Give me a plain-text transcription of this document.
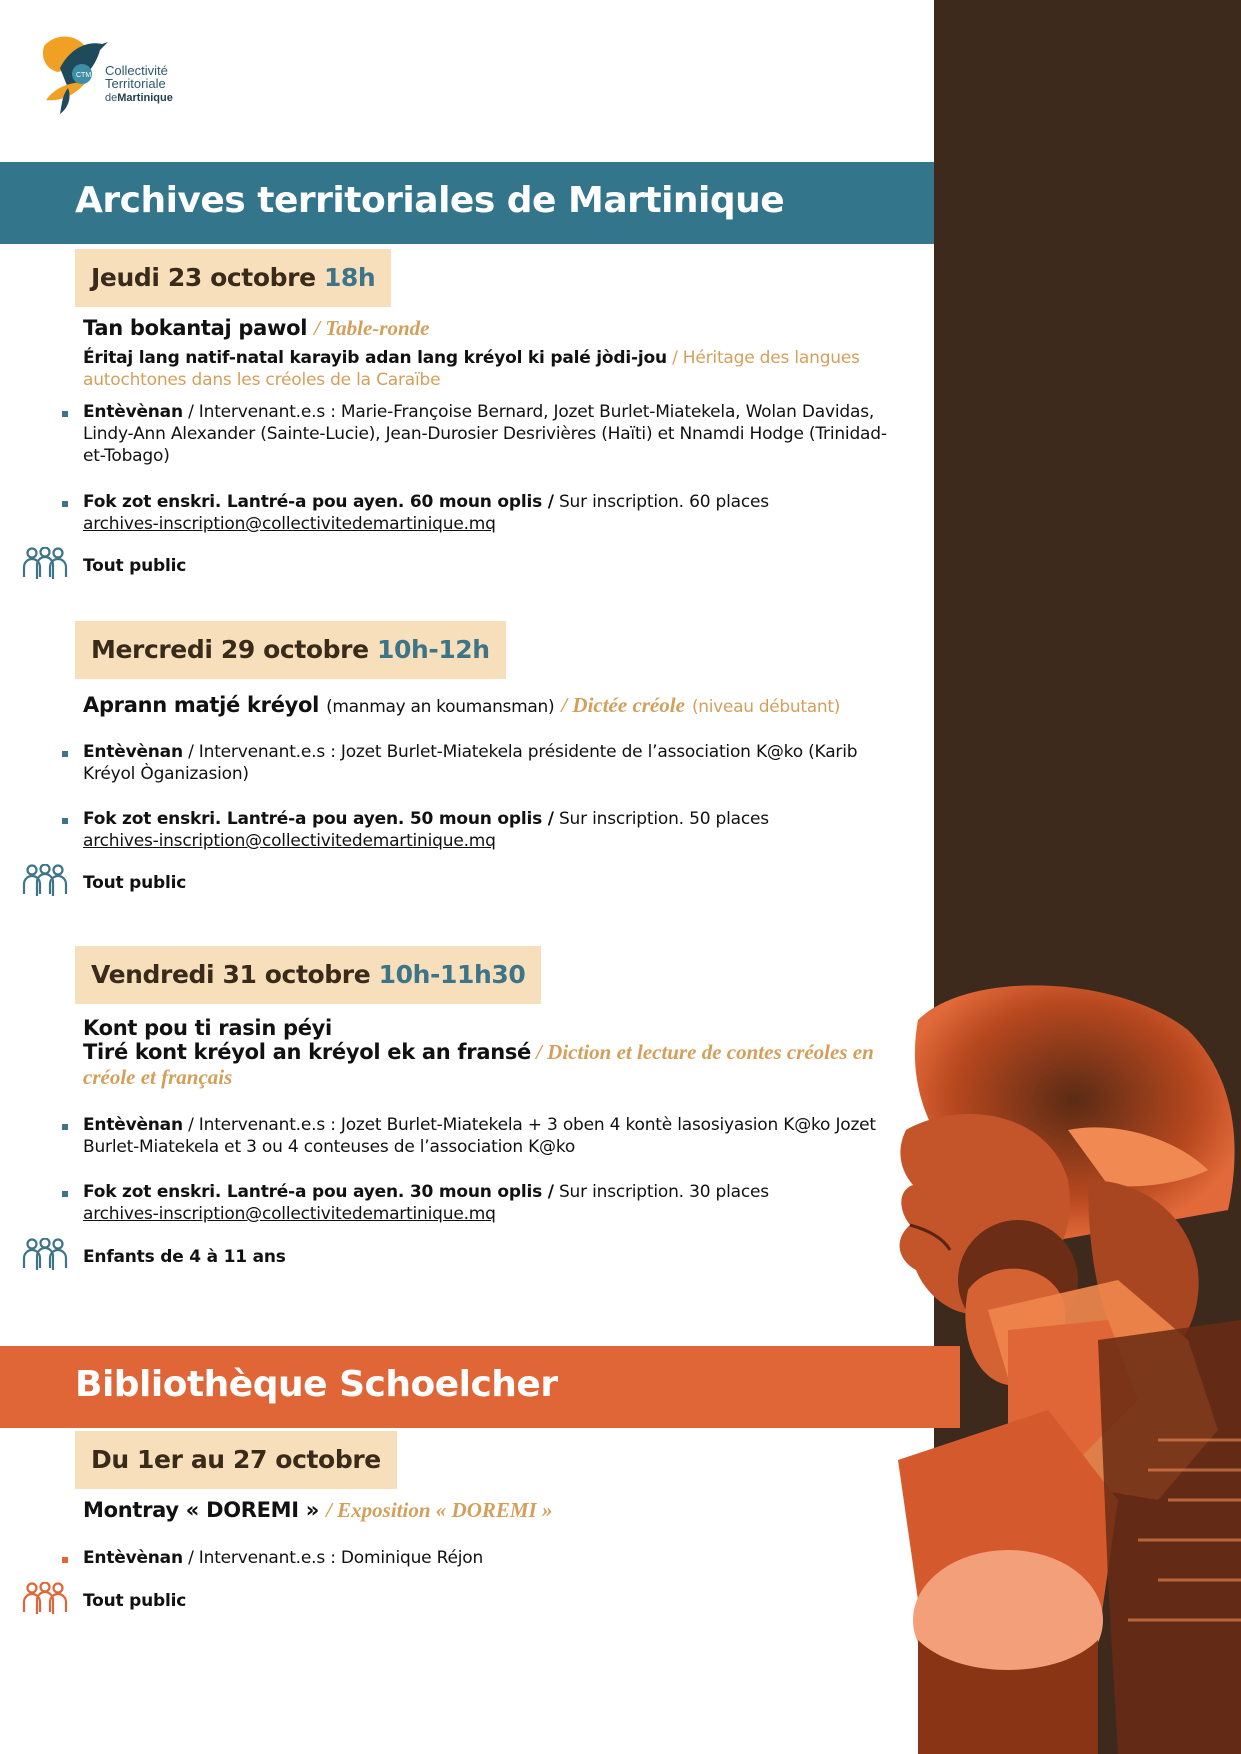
CTM Collectivité
Territoriale
deMartinique
Archives territoriales de Martinique
Jeudi 23 octobre 18h
Tan bokantaj pawol / Table-ronde
Éritaj lang natif-natal karayib adan lang kréyol ki palé jòdi-jou / Héritage des langues autochtones dans les créoles de la Caraïbe
Entèvènan / Intervenant.e.s : Marie-Françoise Bernard, Jozet Burlet-Miatekela, Wolan Davidas, Lindy-Ann Alexander (Sainte-Lucie), Jean-Durosier Desrivières (Haïti) et Nnamdi Hodge (Trinidad-et-Tobago)
Fok zot enskri. Lantré-a pou ayen. 60 moun oplis / Sur inscription. 60 places
archives-inscription@collectivitedemartinique.mq
Tout public
Mercredi 29 octobre 10h-12h
Aprann matjé kréyol (manmay an koumansman) / Dictée créole (niveau débutant)
Entèvènan / Intervenant.e.s : Jozet Burlet-Miatekela présidente de l’association K@ko (Karib Kréyol Òganizasion)
Fok zot enskri. Lantré-a pou ayen. 50 moun oplis / Sur inscription. 50 places
archives-inscription@collectivitedemartinique.mq
Tout public
Vendredi 31 octobre 10h-11h30
Kont pou ti rasin péyi
Tiré kont kréyol an kréyol ek an fransé / Diction et lecture de contes créoles en créole et français
Entèvènan / Intervenant.e.s : Jozet Burlet-Miatekela + 3 oben 4 kontè lasosiyasion K@ko Jozet Burlet-Miatekela et 3 ou 4 conteuses de l’association K@ko
Fok zot enskri. Lantré-a pou ayen. 30 moun oplis / Sur inscription. 30 places
archives-inscription@collectivitedemartinique.mq
Enfants de 4 à 11 ans
Bibliothèque Schoelcher
Du 1er au 27 octobre
Montray « DOREMI » / Exposition « DOREMI »
Entèvènan / Intervenant.e.s : Dominique Réjon
Tout public
